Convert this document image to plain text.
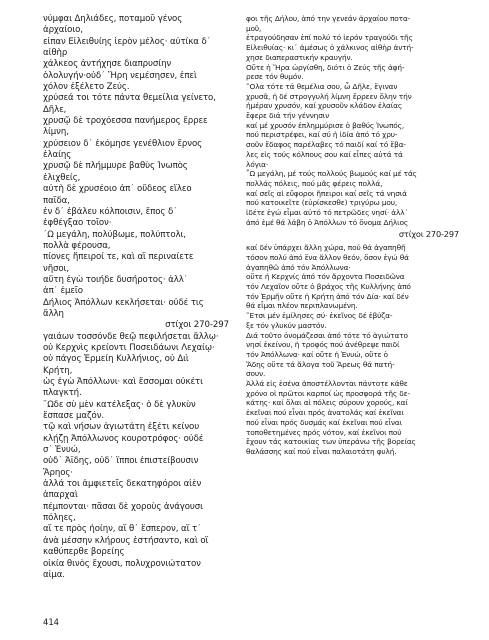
νύμφαι Δηλιάδες, ποταμοῦ γένος
ἀρχαίοιο,
εἶπαν Εἰλειθυίης ἱερὸν μέλος· αὐτίκα δ᾽
αἰθὴρ
χάλκεος ἀντήχησε διαπρυσίην
ὀλολυγήν·οὐδ᾽ Ἥρη νεμέσησεν, ἐπεὶ
χόλον ἐξέλετο Ζεύς.
χρύσεά τοι τότε πάντα θεμείλια γείνετο,
Δῆλε,
χρυσῷ δὲ τροχόεσσα πανήμερος ἔρρεε
λίμνη,
χρύσειον δ᾽ ἐκόμησε γενέθλιον ἔρνος
ἐλαίης
χρυσῷ δὲ πλήμμυρε βαθὺς Ἰνωπὸς
ἑλιχθείς,
αὐτὴ δὲ χρυσέοιο ἀπ᾽ οὔδεος εἵλεο
παῖδα,
ἐν δ᾽ ἐβάλευ κόλποισιν, ἔπος δ᾽
ἐφθέγξαο τοῖον·
῏Ω μεγάλη, πολύβωμε, πολύπτολι,
πολλὰ φέρουσα,
πίονες ἤπειροί τε, καὶ αἳ περιναίετε
νῆσοι,
αὕτη ἐγὼ τοιήδε δυσήροτος· ἀλλ᾽
ἀπ᾽ ἐμεῖο
Δήλιος Ἀπόλλων κεκλήσεται· οὐδέ τις
ἄλλη
στίχοι 270-297
γαιάων τοσσόνδε θεῷ πεφιλήσεται ἄλλῳ·
οὐ Κερχνὶς κρείοντι Ποσειδάωνι Λεχαίῳ·
οὐ πάγος Ἑρμείη Κυλλήνιος, οὐ Διὶ
Κρήτη,
ὡς ἐγὼ Ἀπόλλωνι· καὶ ἔσσομαι οὐκέτι
πλαγκτή.
῞Ωδε σὺ μὲν κατέλεξας· ὁ δὲ γλυκὺν
ἔσπασε μαζόν.
τῷ καὶ νήσων ἁγιωτάτη ἐξέτι κείνου
κλῄζῃ Ἀπόλλωνος κουροτρόφος· οὐδέ
σ᾽ Ἐνυώ,
οὐδ᾽ Ἀΐδης, οὐδ᾽ ἵπποι ἐπιστείβουσιν
Ἄρηος·
ἀλλά τοι ἀμφιετεῖς δεκατηφόροι αἰὲν
ἀπαρχαὶ
πέμπονται· πᾶσαι δὲ χοροὺς ἀνάγουσι
πόληες,
αἵ τε πρὸς ἠοίην, αἵ θ᾽ ἕσπερον, αἵ τ᾽
ἀνὰ μέσσην κλήρους ἐστήσαντο, καὶ οἳ
καθύπερθε βορείης
οἰκία θινὸς ἔχουσι, πολυχρονιώτατον
αἷμα.
φοι τῆς Δήλου, ἀπό την γενεάν ἀρχαίου ποτα-
μοῦ,
ἐτραγούδησαν ἐπί πολύ τό ἱερόν τραγούδι τῆς
Εἰλειθυίας· κι᾽ ἀμέσως ὁ χάλκινος αἰθὴρ ἀντή-
χησε διαπεραστικήν κραυγήν.
Οὔτε ἡ Ἥρα ὠργίσθη, διότι ὁ Ζεύς τῆς ἀφή-
ρεσε τόν θυμόν.
῎Ολα τότε τά θεμέλια σου, ὦ Δῆλε, ἔγιναν
χρυσᾶ, ἡ δέ στρογγυλή λίμνη ἔρρεεν ὅλην τήν
ἡμέραν χρυσόν, καί χρυσοῦν κλάδον ἐλαίας
ἔφερε διά τήν γέννησιν
καί μέ χρυσόν ἐπλημμύρισε ὁ βαθύς Ἰνωπός,
πού περιστρέφει, καί σύ ἡ ἰδία ἀπό τό χρυ-
σοῦν ἔδαφος παρέλαβες τό παιδί καί τό ἔβα-
λες εἰς τούς κόλπους σου καί εἶπες αὐτά τά
λόγια·
῏Ω μεγάλη, μέ τούς πολλούς βωμούς καί μέ τάς
πολλάς πόλεις, πού μᾶς φέρεις πολλά,
καί σεῖς αἱ εὔφοροι ἤπειροι καί σεῖς τά νησιά
πού κατοικεῖτε (εὑρίσκεσθε) τριγύρω μου,
ἰδέτε ἐγώ εἶμαι αὐτό τό πετρῶδες νησί· ἀλλ᾽
ἀπό ἐμέ θά λάβη ὁ Ἀπόλλων τό ὄνομα Δήλιος
στίχοι 270-297
καί δέν ὑπάρχει ἄλλη χώρα, πού θά ἀγαπηθῆ
τόσον πολύ ἀπό ἕνα ἄλλον θεόν, ὅσον ἐγώ θά
ἀγαπηθῶ ἀπό τόν Ἀπόλλωνα·
οὔτε ἡ Κερχνίς ἀπό τόν ἄρχοντα Ποσειδῶνα
τόν Λεχαῖον οὔτε ὁ βράχος τῆς Κυλλήνης ἀπό
τόν Ἑρμῆν οὔτε ἡ Κρήτη ἀπό τόν Δία· καί δέν
θά εἶμαι πλέον περιπλανωμένη.
῎Ετσι μέν ἐμίλησες σύ· ἐκεῖνος δέ ἐβύζα-
ξε τόν γλυκύν μαστόν.
Διά τοῦτο ὀνομάζεσαι ἀπό τότε τό ἁγιώτατο
νησί ἐκείνου, ἡ τροφός πού ἀνέθρεψε παιδί
τόν Ἀπόλλωνα· καί οὔτε ἡ Ἐνυώ, οὔτε ὁ
Ἅδης οὔτε τά ἄλογα τοῦ Ἄρεως θά πατή-
σουν.
Ἀλλά εἰς ἐσένα ἀποστέλλονται πάντοτε κάθε
χρόνο οἱ πρῶτοι καρποί ὡς προσφορά τῆς δε-
κάτης· καί ὅλαι αἱ πόλεις σύρουν χορούς, καί
ἐκεῖναι πού εἶναι πρός ἀνατολάς καί ἐκεῖναι
πού εἶναι πρός δυσμάς καί ἐκεῖναι πού εἶναι
τοποθετημένες πρός νότον, καί ἐκεῖνοι πού
ἔχουν τάς κατοικίας των ὑπεράνω τῆς βορείας
θαλάσσης καί πού εἶναι παλαιοτάτη φυλή.
414
